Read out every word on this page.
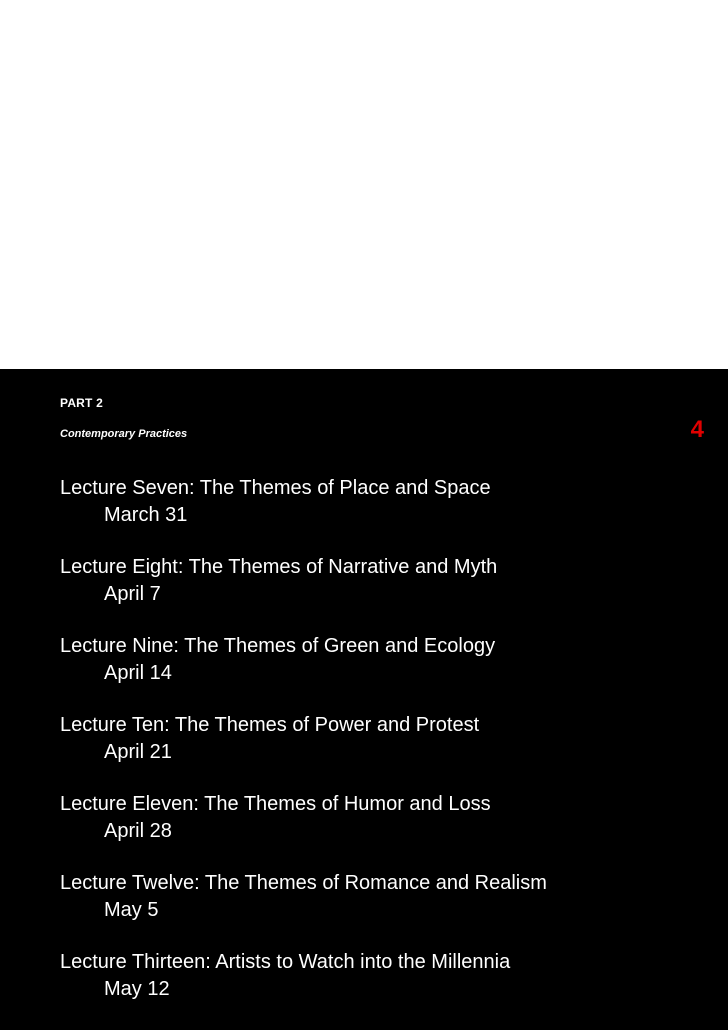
PART 2
Contemporary Practices	4
Lecture Seven: The Themes of Place and Space
March 31
Lecture Eight: The Themes of Narrative and Myth
April 7
Lecture Nine: The Themes of Green and Ecology
April 14
Lecture Ten: The Themes of Power and Protest
April 21
Lecture Eleven: The Themes of Humor and Loss
April 28
Lecture Twelve: The Themes of Romance and Realism
May 5
Lecture Thirteen: Artists to Watch into the Millennia
May 12
